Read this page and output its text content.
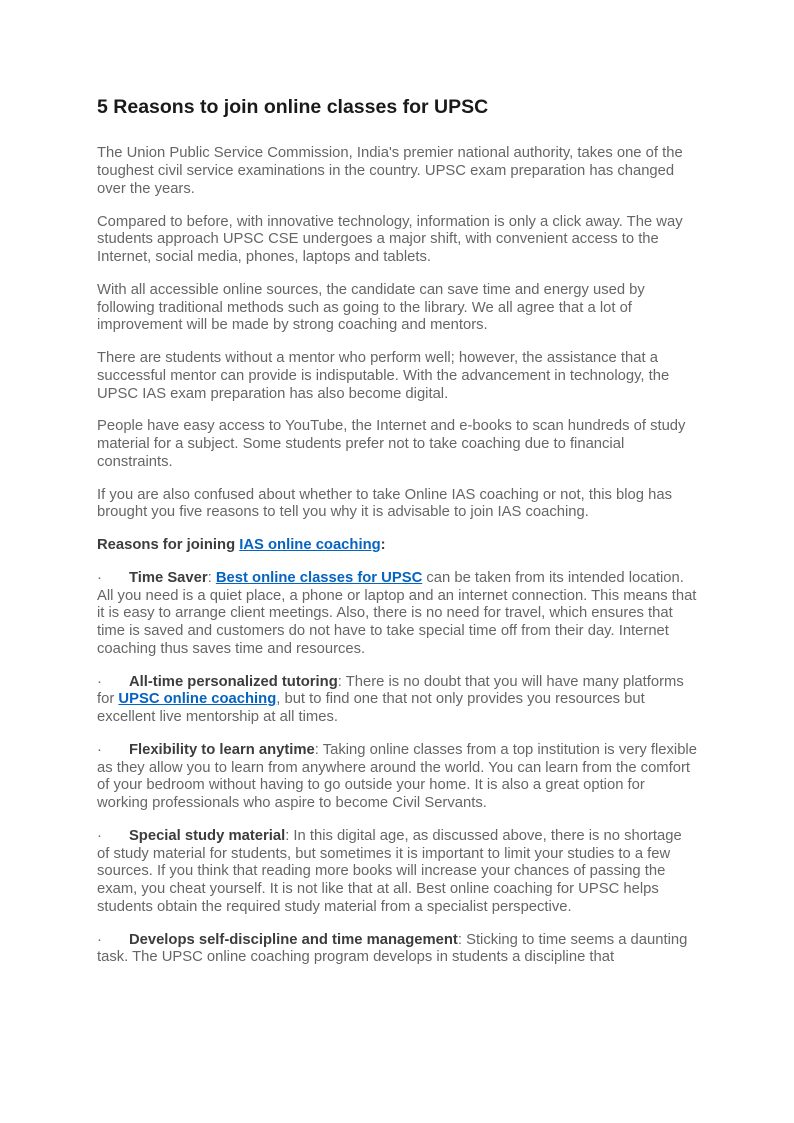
5 Reasons to join online classes for UPSC

The Union Public Service Commission, India's premier national authority, takes one of the toughest civil service examinations in the country. UPSC exam preparation has changed over the years.

Compared to before, with innovative technology, information is only a click away. The way students approach UPSC CSE undergoes a major shift, with convenient access to the Internet, social media, phones, laptops and tablets.

With all accessible online sources, the candidate can save time and energy used by following traditional methods such as going to the library. We all agree that a lot of improvement will be made by strong coaching and mentors.

There are students without a mentor who perform well; however, the assistance that a successful mentor can provide is indisputable. With the advancement in technology, the UPSC IAS exam preparation has also become digital.

People have easy access to YouTube, the Internet and e-books to scan hundreds of study material for a subject. Some students prefer not to take coaching due to financial constraints.

If you are also confused about whether to take Online IAS coaching or not, this blog has brought you five reasons to tell you why it is advisable to join IAS coaching.

Reasons for joining IAS online coaching:

· Time Saver: Best online classes for UPSC can be taken from its intended location. All you need is a quiet place, a phone or laptop and an internet connection. This means that it is easy to arrange client meetings. Also, there is no need for travel, which ensures that time is saved and customers do not have to take special time off from their day. Internet coaching thus saves time and resources.

· All-time personalized tutoring: There is no doubt that you will have many platforms for UPSC online coaching, but to find one that not only provides you resources but excellent live mentorship at all times.

· Flexibility to learn anytime: Taking online classes from a top institution is very flexible as they allow you to learn from anywhere around the world. You can learn from the comfort of your bedroom without having to go outside your home. It is also a great option for working professionals who aspire to become Civil Servants.

· Special study material: In this digital age, as discussed above, there is no shortage of study material for students, but sometimes it is important to limit your studies to a few sources. If you think that reading more books will increase your chances of passing the exam, you cheat yourself. It is not like that at all. Best online coaching for UPSC helps students obtain the required study material from a specialist perspective.

· Develops self-discipline and time management: Sticking to time seems a daunting task. The UPSC online coaching program develops in students a discipline that
